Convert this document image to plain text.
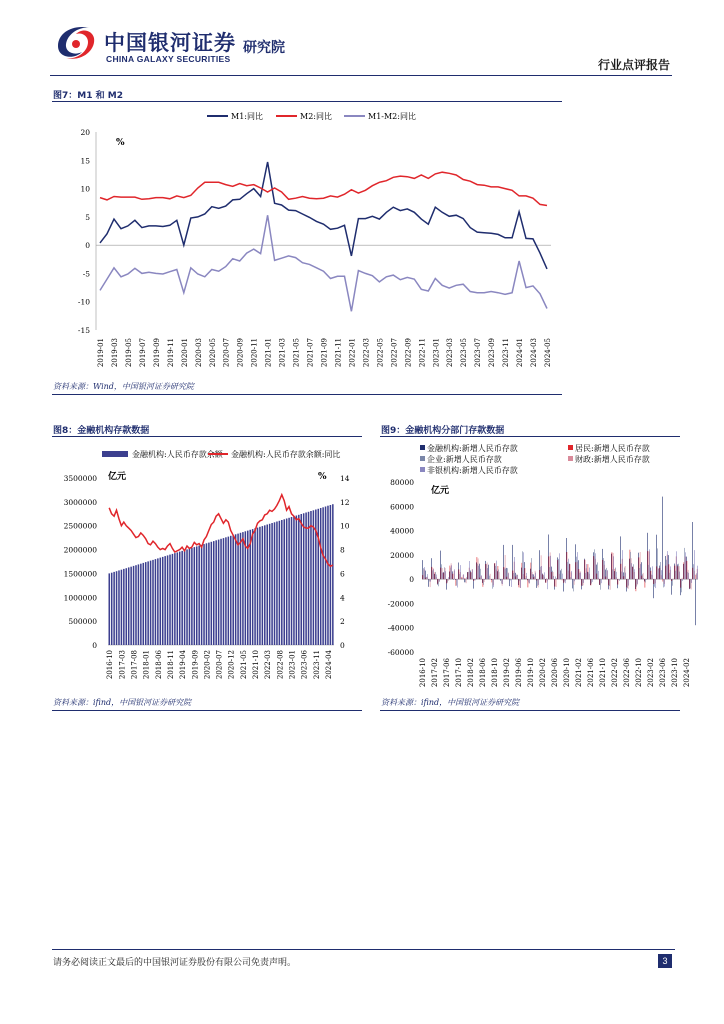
中国银河证券
CHINA GALAXY SECURITIES
研究院
行业点评报告
图7：M1 和 M2
M1:同比	M2:同比	M1-M2:同比
%
20
15
10
5
0
-5
-10
-15
2019-01 2019-03 2019-05 2019-07 2019-09 2019-11 2020-01 2020-03 2020-05 2020-07 2020-09 2020-11 2021-01 2021-03 2021-05 2021-07 2021-09 2021-11 2022-01 2022-03 2022-05 2022-07 2022-09 2022-11 2023-01 2023-03 2023-05 2023-07 2023-09 2023-11 2024-01 2024-03 2024-05
资料来源：Wind，中国银河证券研究院
图8：金融机构存款数据
金融机构:人民币存款余额 金融机构:人民币存款余额:同比
亿元	%
3500000
3000000
2500000
2000000
1500000
1000000
500000
0
14
12
10
8
6
4
2
0
2016-10 2017-03 2017-08 2018-01 2018-06 2018-11 2019-04 2019-09 2020-02 2020-07 2020-12 2021-05 2021-10 2022-03 2022-08 2023-01 2023-06 2023-11 2024-04
资料来源：ifind，中国银河证券研究院
图9：金融机构分部门存款数据
金融机构:新增人民币存款	居民:新增人民币存款
企业:新增人民币存款	财政:新增人民币存款
非银机构:新增人民币存款
亿元
80000
60000
40000
20000
0
-20000
-40000
-60000
2016-10 2017-02 2017-06 2017-10 2018-02 2018-06 2018-10 2019-02 2019-06 2019-10 2020-02 2020-06 2020-10 2021-02 2021-06 2021-10 2022-02 2022-06 2022-10 2023-02 2023-06 2023-10 2024-02
资料来源：ifind，中国银河证券研究院
请务必阅读正文最后的中国银河证券股份有限公司免责声明。	3
